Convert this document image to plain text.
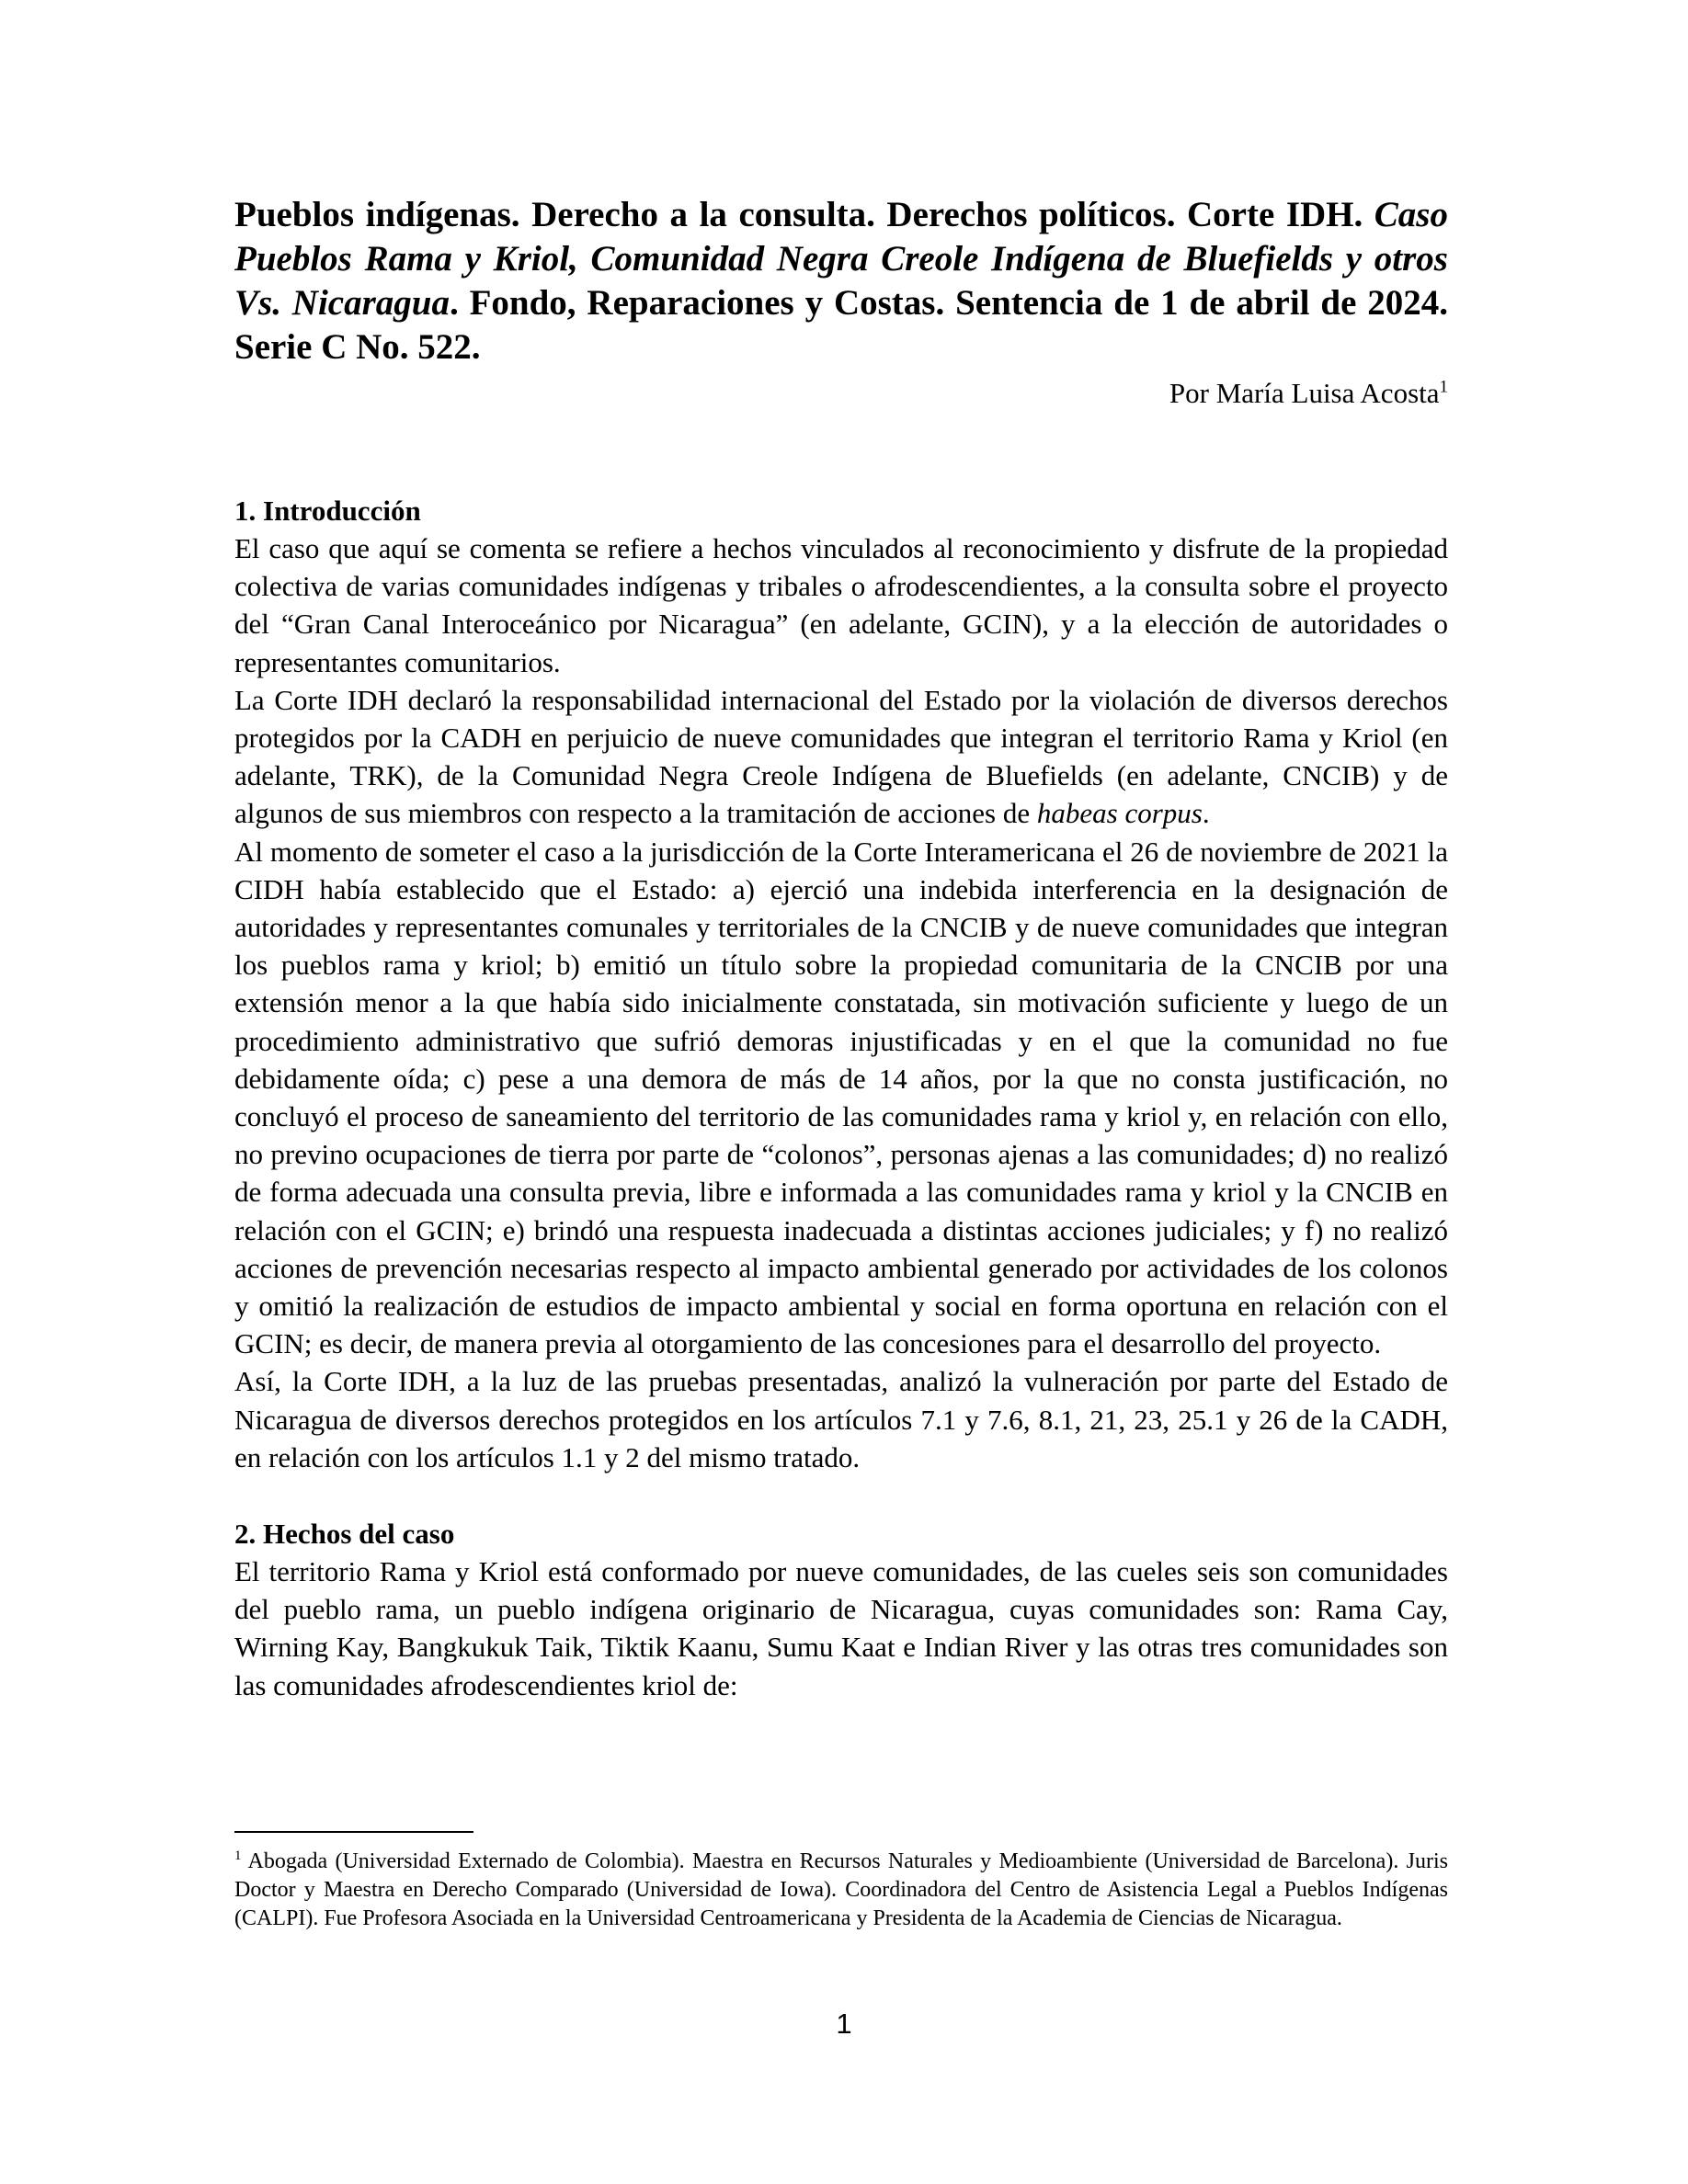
Pueblos indígenas. Derecho a la consulta. Derechos políticos. Corte IDH. Caso Pueblos Rama y Kriol, Comunidad Negra Creole Indígena de Bluefields y otros Vs. Nicaragua. Fondo, Reparaciones y Costas. Sentencia de 1 de abril de 2024. Serie C No. 522.

Por María Luisa Acosta$^1$

1. Introducción

El caso que aquí se comenta se refiere a hechos vinculados al reconocimiento y disfrute de la propiedad colectiva de varias comunidades indígenas y tribales o afrodescendientes, a la consulta sobre el proyecto del “Gran Canal Interoceánico por Nicaragua” (en adelante, GCIN), y a la elección de autoridades o representantes comunitarios.

La Corte IDH declaró la responsabilidad internacional del Estado por la violación de diversos derechos protegidos por la CADH en perjuicio de nueve comunidades que integran el territorio Rama y Kriol (en adelante, TRK), de la Comunidad Negra Creole Indígena de Bluefields (en adelante, CNCIB) y de algunos de sus miembros con respecto a la tramitación de acciones de habeas corpus.

Al momento de someter el caso a la jurisdicción de la Corte Interamericana el 26 de noviembre de 2021 la CIDH había establecido que el Estado: a) ejerció una indebida interferencia en la designación de autoridades y representantes comunales y territoriales de la CNCIB y de nueve comunidades que integran los pueblos rama y kriol; b) emitió un título sobre la propiedad comunitaria de la CNCIB por una extensión menor a la que había sido inicialmente constatada, sin motivación suficiente y luego de un procedimiento administrativo que sufrió demoras injustificadas y en el que la comunidad no fue debidamente oída; c) pese a una demora de más de 14 años, por la que no consta justificación, no concluyó el proceso de saneamiento del territorio de las comunidades rama y kriol y, en relación con ello, no previno ocupaciones de tierra por parte de “colonos”, personas ajenas a las comunidades; d) no realizó de forma adecuada una consulta previa, libre e informada a las comunidades rama y kriol y la CNCIB en relación con el GCIN; e) brindó una respuesta inadecuada a distintas acciones judiciales; y f) no realizó acciones de prevención necesarias respecto al impacto ambiental generado por actividades de los colonos y omitió la realización de estudios de impacto ambiental y social en forma oportuna en relación con el GCIN; es decir, de manera previa al otorgamiento de las concesiones para el desarrollo del proyecto.

Así, la Corte IDH, a la luz de las pruebas presentadas, analizó la vulneración por parte del Estado de Nicaragua de diversos derechos protegidos en los artículos 7.1 y 7.6, 8.1, 21, 23, 25.1 y 26 de la CADH, en relación con los artículos 1.1 y 2 del mismo tratado.

2. Hechos del caso

El territorio Rama y Kriol está conformado por nueve comunidades, de las cueles seis son comunidades del pueblo rama, un pueblo indígena originario de Nicaragua, cuyas comunidades son: Rama Cay, Wirning Kay, Bangkukuk Taik, Tiktik Kaanu, Sumu Kaat e Indian River y las otras tres comunidades son las comunidades afrodescendientes kriol de:

$^1$ Abogada (Universidad Externado de Colombia). Maestra en Recursos Naturales y Medioambiente (Universidad de Barcelona). Juris Doctor y Maestra en Derecho Comparado (Universidad de Iowa). Coordinadora del Centro de Asistencia Legal a Pueblos Indígenas (CALPI). Fue Profesora Asociada en la Universidad Centroamericana y Presidenta de la Academia de Ciencias de Nicaragua.

1
